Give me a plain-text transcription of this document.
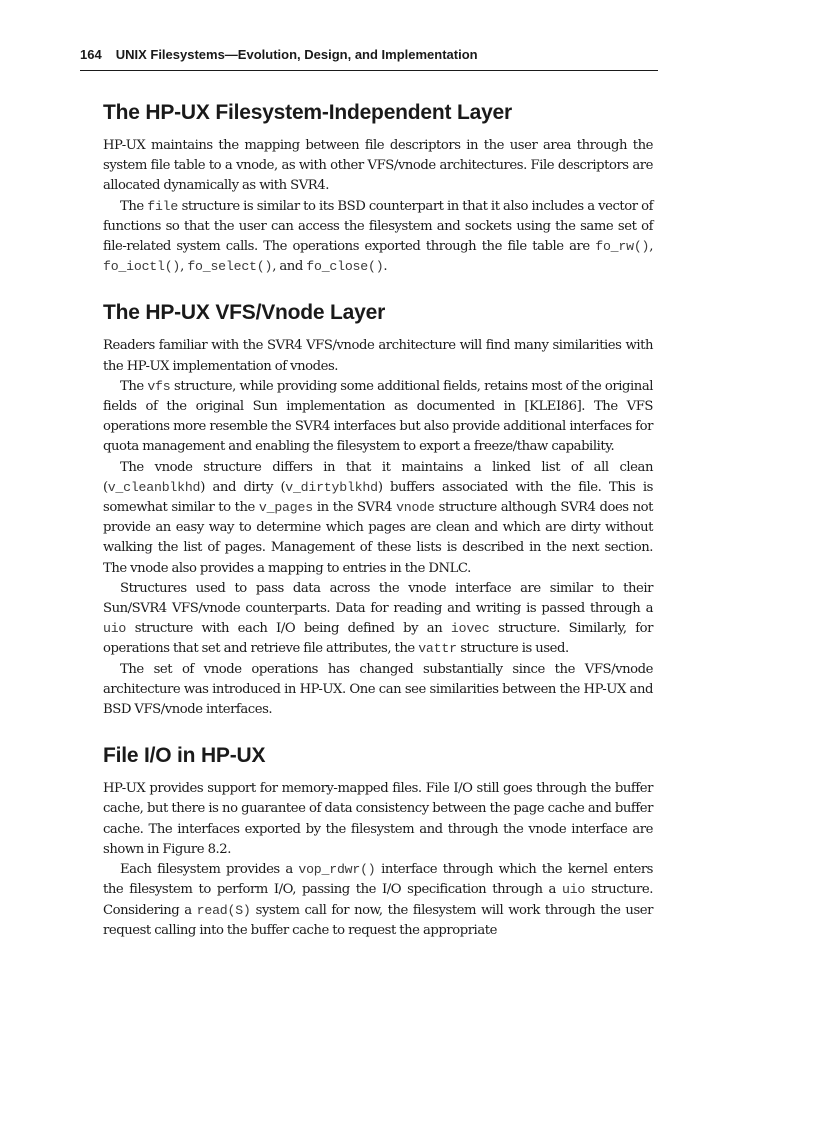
164 UNIX Filesystems—Evolution, Design, and Implementation
The HP-UX Filesystem-Independent Layer

HP-UX maintains the mapping between file descriptors in the user area through the system file table to a vnode, as with other VFS/vnode architectures. File descriptors are allocated dynamically as with SVR4.

The file structure is similar to its BSD counterpart in that it also includes a vector of functions so that the user can access the filesystem and sockets using the same set of file-related system calls. The operations exported through the file table are fo_rw(), fo_ioctl(), fo_select(), and fo_close().

The HP-UX VFS/Vnode Layer

Readers familiar with the SVR4 VFS/vnode architecture will find many similarities with the HP-UX implementation of vnodes.

The vfs structure, while providing some additional fields, retains most of the original fields of the original Sun implementation as documented in [KLEI86]. The VFS operations more resemble the SVR4 interfaces but also provide additional interfaces for quota management and enabling the filesystem to export a freeze/thaw capability.

The vnode structure differs in that it maintains a linked list of all clean (v_cleanblkhd) and dirty (v_dirtyblkhd) buffers associated with the file. This is somewhat similar to the v_pages in the SVR4 vnode structure although SVR4 does not provide an easy way to determine which pages are clean and which are dirty without walking the list of pages. Management of these lists is described in the next section. The vnode also provides a mapping to entries in the DNLC.

Structures used to pass data across the vnode interface are similar to their Sun/SVR4 VFS/vnode counterparts. Data for reading and writing is passed through a uio structure with each I/O being defined by an iovec structure. Similarly, for operations that set and retrieve file attributes, the vattr structure is used.

The set of vnode operations has changed substantially since the VFS/vnode architecture was introduced in HP-UX. One can see similarities between the HP-UX and BSD VFS/vnode interfaces.

File I/O in HP-UX

HP-UX provides support for memory-mapped files. File I/O still goes through the buffer cache, but there is no guarantee of data consistency between the page cache and buffer cache. The interfaces exported by the filesystem and through the vnode interface are shown in Figure 8.2.

Each filesystem provides a vop_rdwr() interface through which the kernel enters the filesystem to perform I/O, passing the I/O specification through a uio structure. Considering a read(S) system call for now, the filesystem will work through the user request calling into the buffer cache to request the appropriate
